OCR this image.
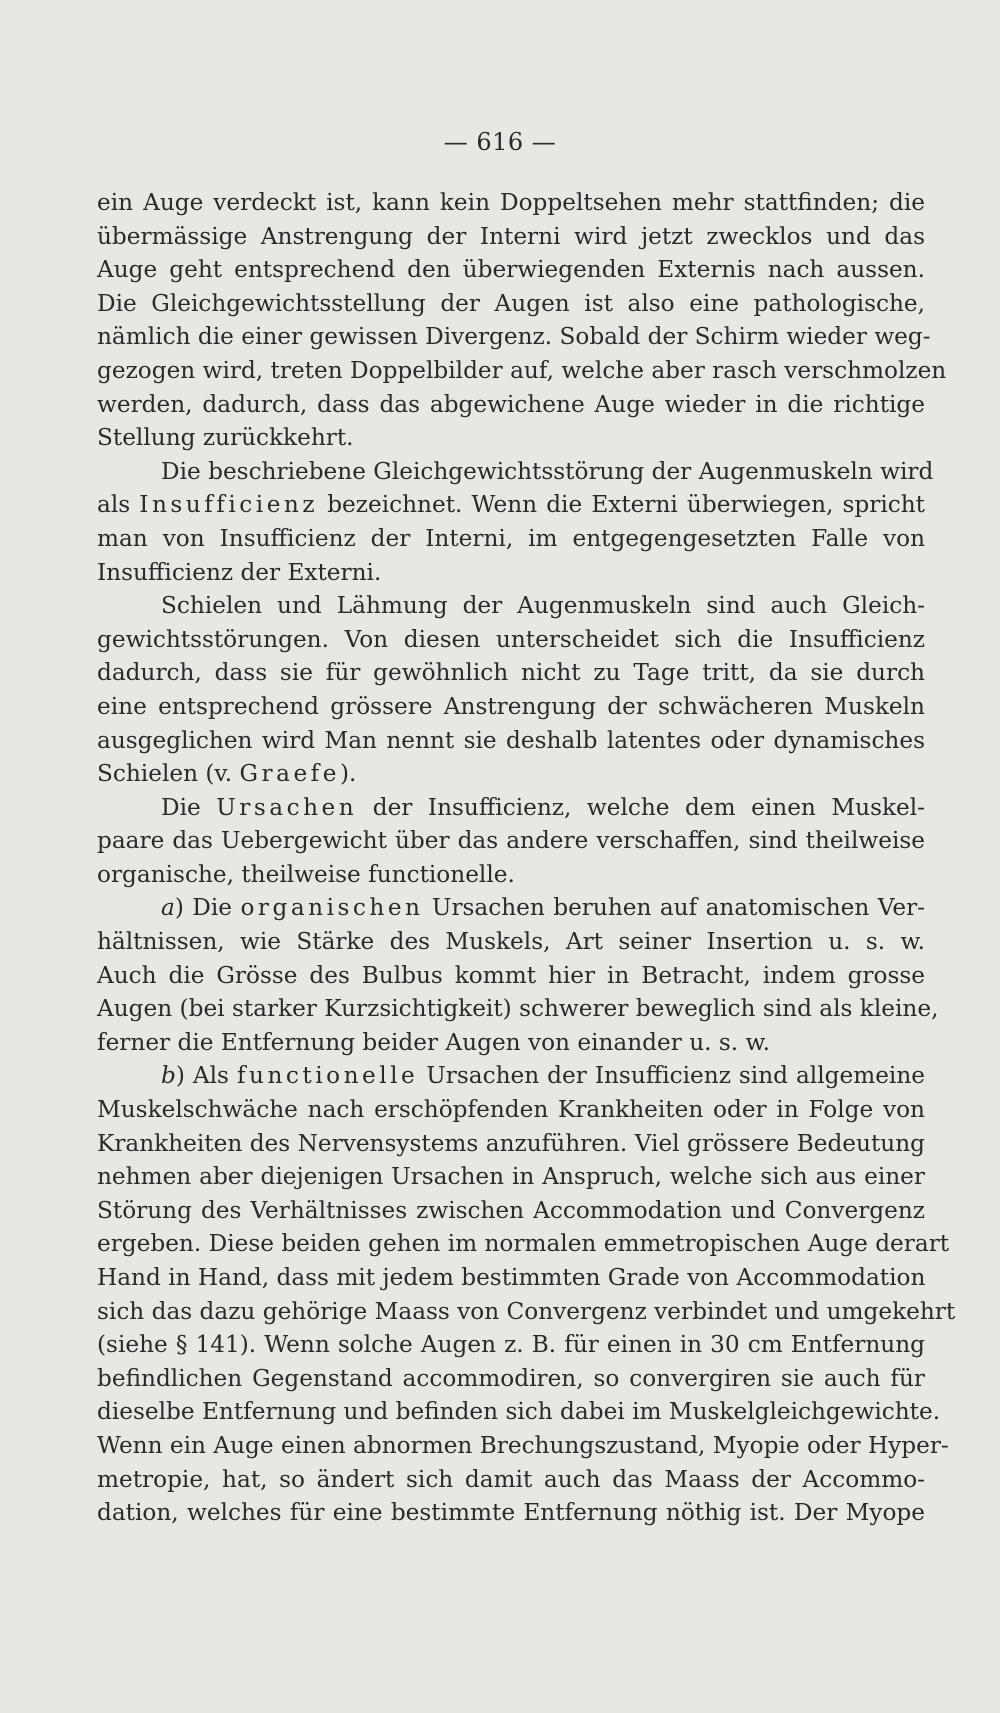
— 616 —
ein Auge verdeckt ist, kann kein Doppeltsehen mehr stattfinden; die
übermässige Anstrengung der Interni wird jetzt zwecklos und das
Auge geht entsprechend den überwiegenden Externis nach aussen.
Die Gleichgewichtsstellung der Augen ist also eine pathologische,
nämlich die einer gewissen Divergenz. Sobald der Schirm wieder weg-
gezogen wird, treten Doppelbilder auf, welche aber rasch verschmolzen
werden, dadurch, dass das abgewichene Auge wieder in die richtige
Stellung zurückkehrt.
Die beschriebene Gleichgewichtsstörung der Augenmuskeln wird
als Insufficienz bezeichnet. Wenn die Externi überwiegen, spricht
man von Insufficienz der Interni, im entgegengesetzten Falle von
Insufficienz der Externi.
Schielen und Lähmung der Augenmuskeln sind auch Gleich-
gewichtsstörungen. Von diesen unterscheidet sich die Insufficienz
dadurch, dass sie für gewöhnlich nicht zu Tage tritt, da sie durch
eine entsprechend grössere Anstrengung der schwächeren Muskeln
ausgeglichen wird Man nennt sie deshalb latentes oder dynamisches
Schielen (v. Graefe).
Die Ursachen der Insufficienz, welche dem einen Muskel-
paare das Uebergewicht über das andere verschaffen, sind theilweise
organische, theilweise functionelle.
a) Die organischen Ursachen beruhen auf anatomischen Ver-
hältnissen, wie Stärke des Muskels, Art seiner Insertion u. s. w.
Auch die Grösse des Bulbus kommt hier in Betracht, indem grosse
Augen (bei starker Kurzsichtigkeit) schwerer beweglich sind als kleine,
ferner die Entfernung beider Augen von einander u. s. w.
b) Als functionelle Ursachen der Insufficienz sind allgemeine
Muskelschwäche nach erschöpfenden Krankheiten oder in Folge von
Krankheiten des Nervensystems anzuführen. Viel grössere Bedeutung
nehmen aber diejenigen Ursachen in Anspruch, welche sich aus einer
Störung des Verhältnisses zwischen Accommodation und Convergenz
ergeben. Diese beiden gehen im normalen emmetropischen Auge derart
Hand in Hand, dass mit jedem bestimmten Grade von Accommodation
sich das dazu gehörige Maass von Convergenz verbindet und umgekehrt
(siehe § 141). Wenn solche Augen z. B. für einen in 30 cm Entfernung
befindlichen Gegenstand accommodiren, so convergiren sie auch für
dieselbe Entfernung und befinden sich dabei im Muskelgleichgewichte.
Wenn ein Auge einen abnormen Brechungszustand, Myopie oder Hyper-
metropie, hat, so ändert sich damit auch das Maass der Accommo-
dation, welches für eine bestimmte Entfernung nöthig ist. Der Myope
